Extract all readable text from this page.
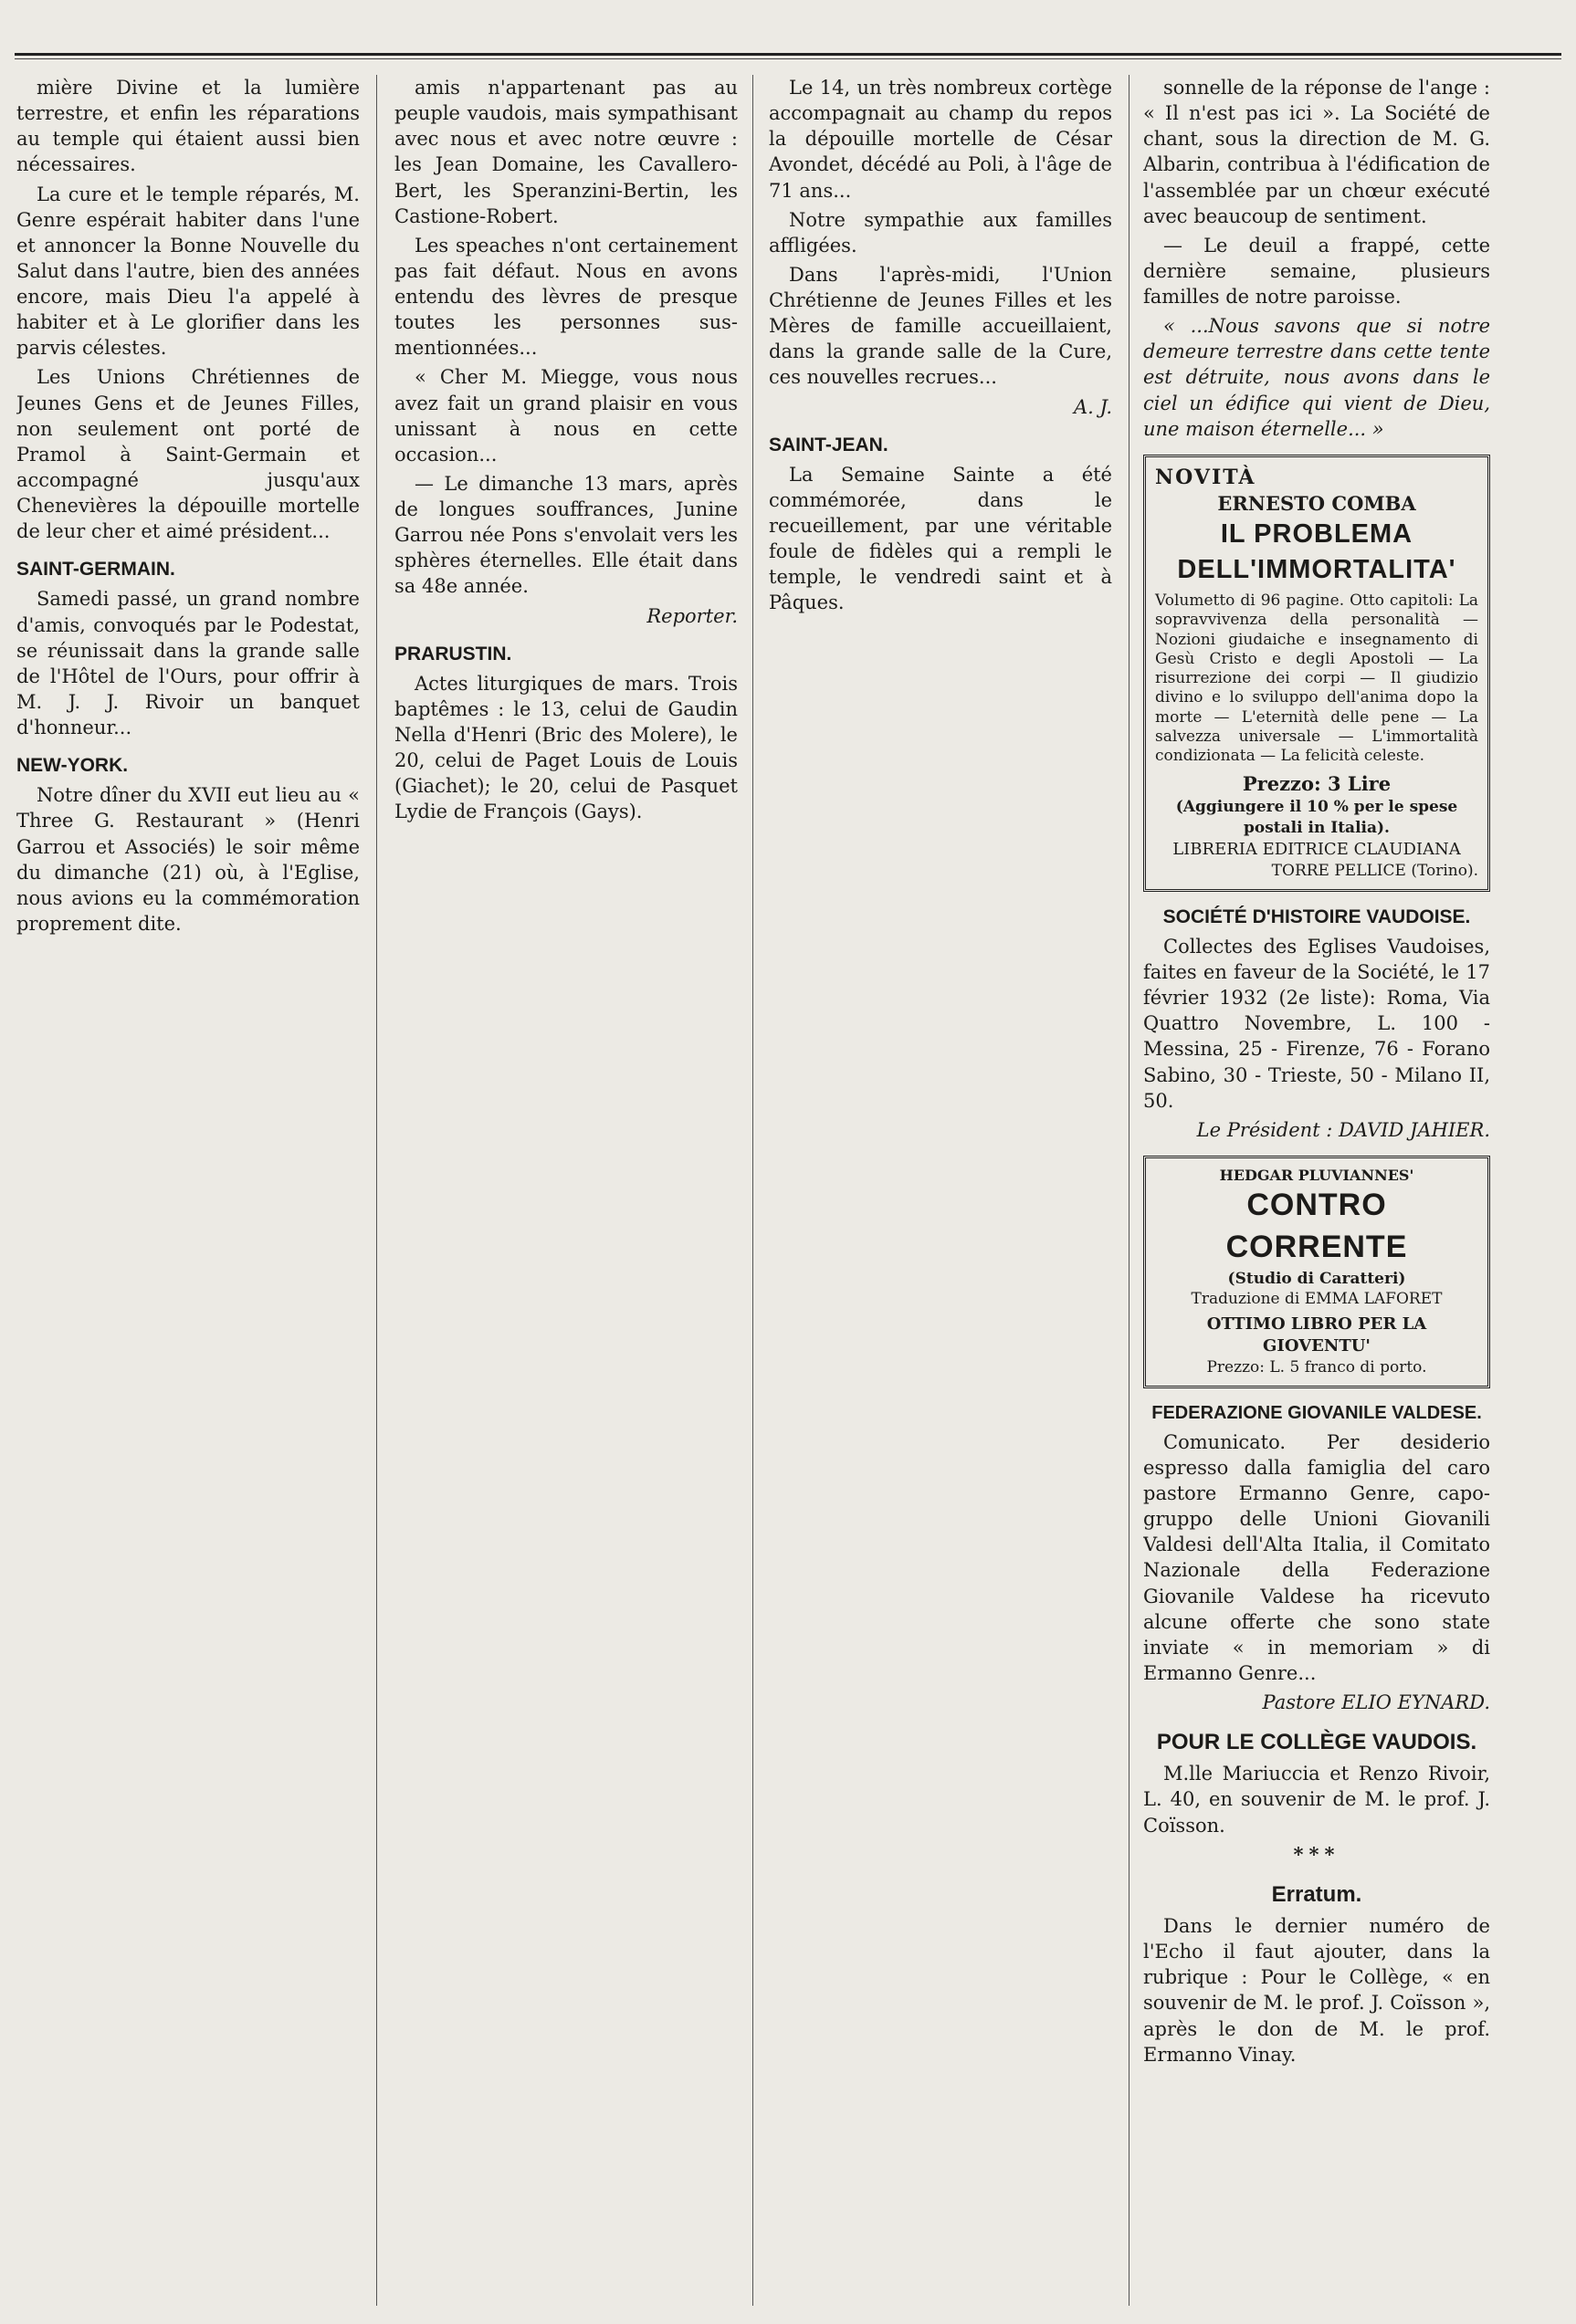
mière Divine et la lumière terrestre, et enfin les réparations au temple qui étaient aussi bien nécessaires.

La cure et le temple réparés, M. Genre espérait habiter dans l'une et annoncer la Bonne Nouvelle du Salut dans l'autre, bien des années encore, mais Dieu l'a appelé à habiter et à Le glorifier dans les parvis célestes.

Les Unions Chrétiennes de Jeunes Gens et de Jeunes Filles, non seulement ont porté de Pramol à Saint-Germain et accompagné jusqu'aux Chenevières la dépouille mortelle de leur cher et aimé président...

SAINT-GERMAIN.

Samedi passé, un grand nombre d'amis, convoqués par le Podestat, se réunissait dans la grande salle de l'Hôtel de l'Ours, pour offrir à M. J. J. Rivoir un banquet d'honneur...

NEW-YORK.

Notre dîner du XVII eut lieu au « Three G. Restaurant » (Henri Garrou et Associés) le soir même du dimanche (21) où, à l'Eglise, nous avions eu la commémoration proprement dite.

amis n'appartenant pas au peuple vaudois, mais sympathisant avec nous et avec notre œuvre : les Jean Domaine, les Cavallero-Bert, les Speranzini-Bertin, les Castione-Robert.

Les speaches n'ont certainement pas fait défaut. Nous en avons entendu des lèvres de presque toutes les personnes sus-mentionnées...

« Cher M. Miegge, vous nous avez fait un grand plaisir en vous unissant à nous en cette occasion...

— Le dimanche 13 mars, après de longues souffrances, Junine Garrou née Pons s'envolait vers les sphères éternelles. Elle était dans sa 48e année.

Reporter.
PRARUSTIN.

Actes liturgiques de mars. Trois baptêmes : le 13, celui de Gaudin Nella d'Henri (Bric des Molere), le 20, celui de Paget Louis de Louis (Giachet); le 20, celui de Pasquet Lydie de François (Gays).

Le 14, un très nombreux cortège accompagnait au champ du repos la dépouille mortelle de César Avondet, décédé au Poli, à l'âge de 71 ans...

Notre sympathie aux familles affligées.

Dans l'après-midi, l'Union Chrétienne de Jeunes Filles et les Mères de famille accueillaient, dans la grande salle de la Cure, ces nouvelles recrues...

A. J.
SAINT-JEAN.

La Semaine Sainte a été commémorée, dans le recueillement, par une véritable foule de fidèles qui a rempli le temple, le vendredi saint et à Pâques.

sonnelle de la réponse de l'ange : « Il n'est pas ici ». La Société de chant, sous la direction de M. G. Albarin, contribua à l'édification de l'assemblée par un chœur exécuté avec beaucoup de sentiment.

— Le deuil a frappé, cette dernière semaine, plusieurs familles de notre paroisse.

« ...Nous savons que si notre demeure terrestre dans cette tente est détruite, nous avons dans le ciel un édifice qui vient de Dieu, une maison éternelle... »

NOVITÀ
ERNESTO COMBA
IL PROBLEMA DELL'IMMORTALITA'
Volumetto di 96 pagine. Otto capitoli: La sopravvivenza della personalità — Nozioni giudaiche e insegnamento di Gesù Cristo e degli Apostoli — La risurrezione dei corpi — Il giudizio divino e lo sviluppo dell'anima dopo la morte — L'eternità delle pene — La salvezza universale — L'immortalità condizionata — La felicità celeste.
Prezzo: 3 Lire
(Aggiungere il 10 % per le spese postali in Italia).
LIBRERIA EDITRICE CLAUDIANA
TORRE PELLICE (Torino).
SOCIÉTÉ D'HISTOIRE VAUDOISE.

Collectes des Eglises Vaudoises, faites en faveur de la Société, le 17 février 1932 (2e liste): Roma, Via Quattro Novembre, L. 100 - Messina, 25 - Firenze, 76 - Forano Sabino, 30 - Trieste, 50 - Milano II, 50.

Le Président : DAVID JAHIER.
HEDGAR PLUVIANNES'
CONTRO CORRENTE
(Studio di Caratteri)
Traduzione di EMMA LAFORET
OTTIMO LIBRO PER LA GIOVENTU'
Prezzo: L. 5 franco di porto.
FEDERAZIONE GIOVANILE VALDESE.

Comunicato. Per desiderio espresso dalla famiglia del caro pastore Ermanno Genre, capo-gruppo delle Unioni Giovanili Valdesi dell'Alta Italia, il Comitato Nazionale della Federazione Giovanile Valdese ha ricevuto alcune offerte che sono state inviate « in memoriam » di Ermanno Genre...

Pastore ELIO EYNARD.
POUR LE COLLÈGE VAUDOIS.

M.lle Mariuccia et Renzo Rivoir, L. 40, en souvenir de M. le prof. J. Coïsson.

***
Erratum.

Dans le dernier numéro de l'Echo il faut ajouter, dans la rubrique : Pour le Collège, « en souvenir de M. le prof. J. Coïsson », après le don de M. le prof. Ermanno Vinay.
